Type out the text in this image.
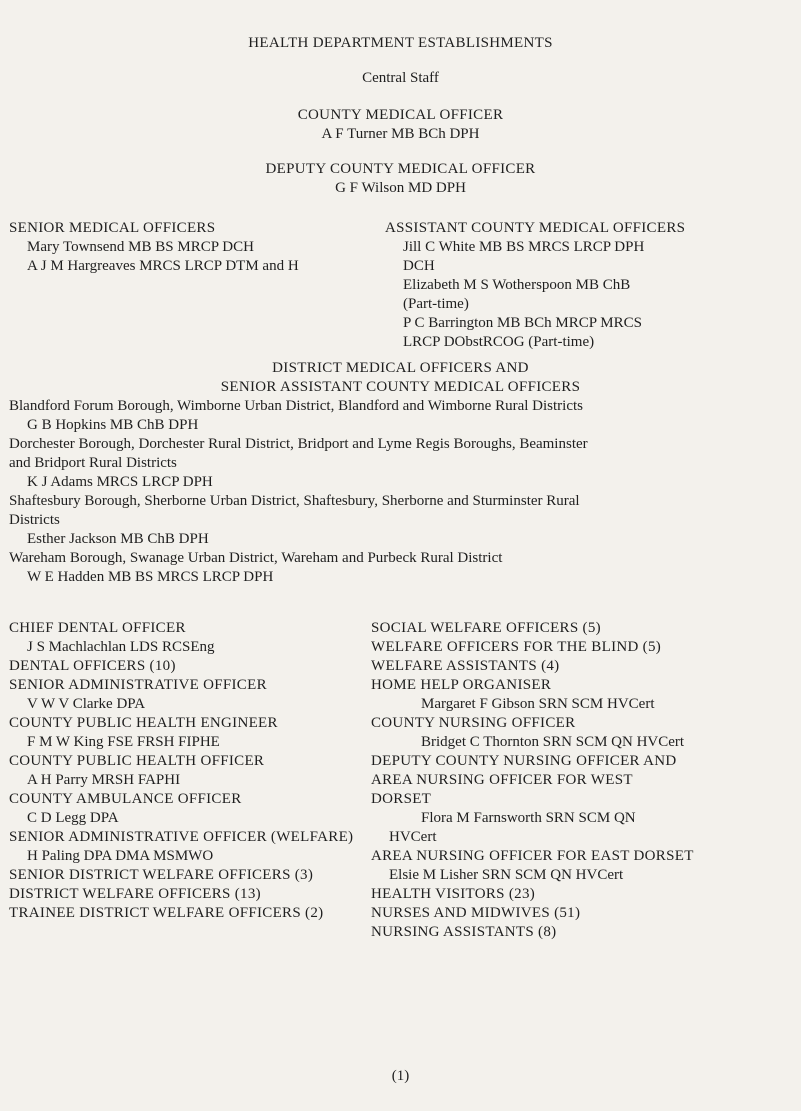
HEALTH DEPARTMENT ESTABLISHMENTS
Central Staff
COUNTY MEDICAL OFFICER
A F Turner MB BCh DPH
DEPUTY COUNTY MEDICAL OFFICER
G F Wilson MD DPH
SENIOR MEDICAL OFFICERS
Mary Townsend MB BS MRCP DCH
A J M Hargreaves MRCS LRCP DTM and H
ASSISTANT COUNTY MEDICAL OFFICERS
Jill C White MB BS MRCS LRCP DPH
DCH
Elizabeth M S Wotherspoon MB ChB
(Part-time)
P C Barrington MB BCh MRCP MRCS
LRCP DObstRCOG (Part-time)
DISTRICT MEDICAL OFFICERS AND
SENIOR ASSISTANT COUNTY MEDICAL OFFICERS
Blandford Forum Borough, Wimborne Urban District, Blandford and Wimborne Rural Districts
G B Hopkins MB ChB DPH
Dorchester Borough, Dorchester Rural District, Bridport and Lyme Regis Boroughs, Beaminster
and Bridport Rural Districts
K J Adams MRCS LRCP DPH
Shaftesbury Borough, Sherborne Urban District, Shaftesbury, Sherborne and Sturminster Rural
Districts
Esther Jackson MB ChB DPH
Wareham Borough, Swanage Urban District, Wareham and Purbeck Rural District
W E Hadden MB BS MRCS LRCP DPH
CHIEF DENTAL OFFICER
J S Machlachlan LDS RCSEng
DENTAL OFFICERS (10)
SENIOR ADMINISTRATIVE OFFICER
V W V Clarke DPA
COUNTY PUBLIC HEALTH ENGINEER
F M W King FSE FRSH FIPHE
COUNTY PUBLIC HEALTH OFFICER
A H Parry MRSH FAPHI
COUNTY AMBULANCE OFFICER
C D Legg DPA
SENIOR ADMINISTRATIVE OFFICER (WELFARE)
H Paling DPA DMA MSMWO
SENIOR DISTRICT WELFARE OFFICERS (3)
DISTRICT WELFARE OFFICERS (13)
TRAINEE DISTRICT WELFARE OFFICERS (2)
SOCIAL WELFARE OFFICERS (5)
WELFARE OFFICERS FOR THE BLIND (5)
WELFARE ASSISTANTS (4)
HOME HELP ORGANISER
Margaret F Gibson SRN SCM HVCert
COUNTY NURSING OFFICER
Bridget C Thornton SRN SCM QN HVCert
DEPUTY COUNTY NURSING OFFICER AND
AREA NURSING OFFICER FOR WEST
DORSET
Flora M Farnsworth SRN SCM QN
HVCert
AREA NURSING OFFICER FOR EAST DORSET
Elsie M Lisher SRN SCM QN HVCert
HEALTH VISITORS (23)
NURSES AND MIDWIVES (51)
NURSING ASSISTANTS (8)
(1)
